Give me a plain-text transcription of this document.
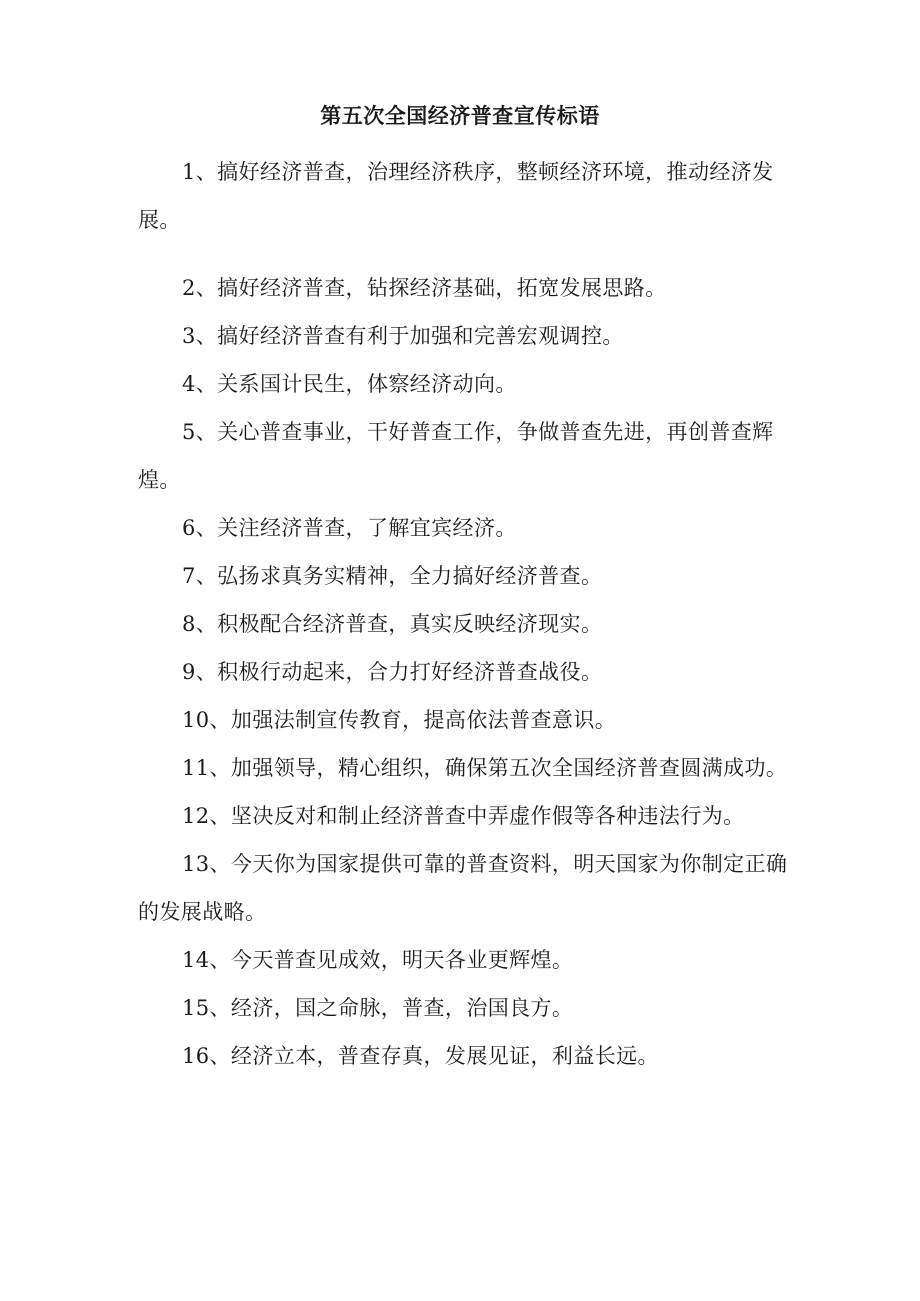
第五次全国经济普查宣传标语
1、搞好经济普查，治理经济秩序，整顿经济环境，推动经济发展。
2、搞好经济普查，钻探经济基础，拓宽发展思路。
3、搞好经济普查有利于加强和完善宏观调控。
4、关系国计民生，体察经济动向。
5、关心普查事业，干好普查工作，争做普查先进，再创普查辉煌。
6、关注经济普查，了解宜宾经济。
7、弘扬求真务实精神，全力搞好经济普查。
8、积极配合经济普查，真实反映经济现实。
9、积极行动起来，合力打好经济普查战役。
10、加强法制宣传教育，提高依法普查意识。
11、加强领导，精心组织，确保第五次全国经济普查圆满成功。
12、坚决反对和制止经济普查中弄虚作假等各种违法行为。
13、今天你为国家提供可靠的普查资料，明天国家为你制定正确的发展战略。
14、今天普查见成效，明天各业更辉煌。
15、经济，国之命脉，普查，治国良方。
16、经济立本，普查存真，发展见证，利益长远。
